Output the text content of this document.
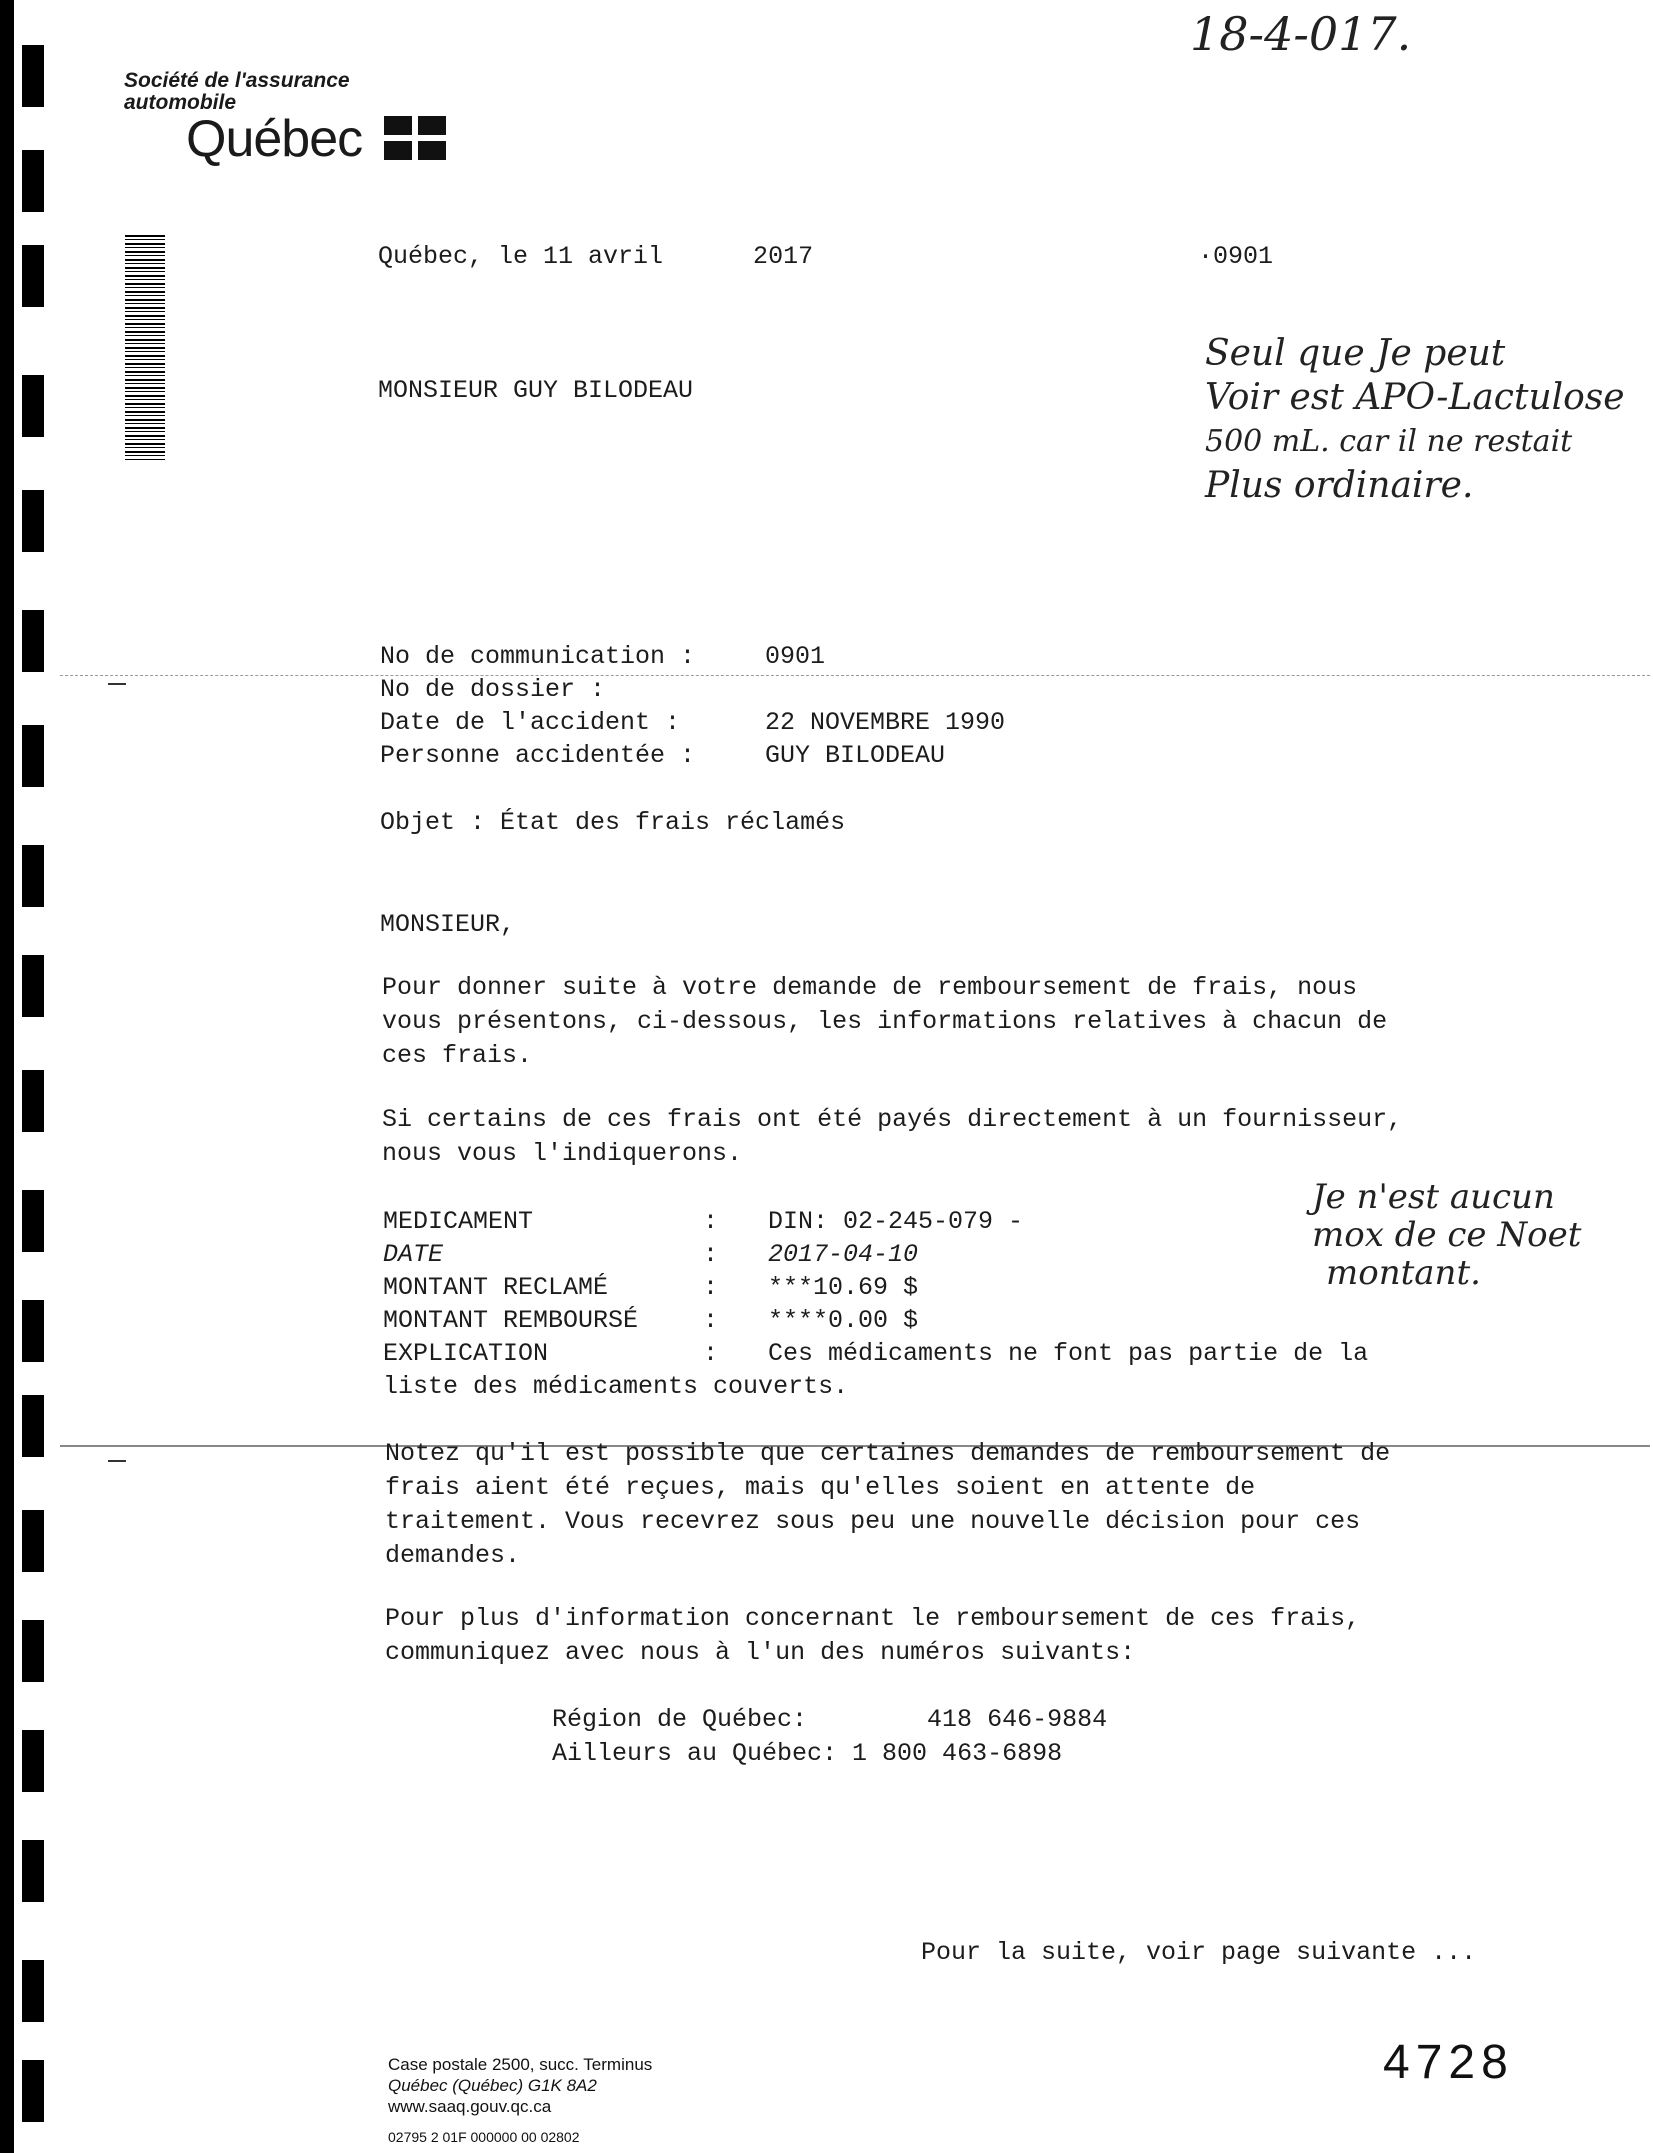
18-4-017.
Société de l'assurance
automobile
Québec
Québec, le 11 avril      2017	·0901
MONSIEUR GUY BILODEAU
Seul que Je peut
Voir est APO-Lactulose
500 mL. car il ne restait
Plus ordinaire.
No de communication :	0901
No de dossier :
Date de l'accident :	22 NOVEMBRE 1990
Personne accidentée :	GUY BILODEAU
Objet : État des frais réclamés
MONSIEUR,
Pour donner suite à votre demande de remboursement de frais, nous
vous présentons, ci-dessous, les informations relatives à chacun de
ces frais.
Si certains de ces frais ont été payés directement à un fournisseur,
nous vous l'indiquerons.
MEDICAMENT	: DIN: 02-245-079 -
DATE	: 2017-04-10
MONTANT RECLAMÉ	: ***10.69 $
MONTANT REMBOURSÉ	: ****0.00 $
EXPLICATION	: Ces médicaments ne font pas partie de la
liste des médicaments couverts.
Je n'est aucun
mox de ce Noet
montant.
Notez qu'il est possible que certaines demandes de remboursement de
frais aient été reçues, mais qu'elles soient en attente de
traitement. Vous recevrez sous peu une nouvelle décision pour ces
demandes.
Pour plus d'information concernant le remboursement de ces frais,
communiquez avec nous à l'un des numéros suivants:
Région de Québec:    418 646-9884
Ailleurs au Québec: 1 800 463-6898
Pour la suite, voir page suivante ...
Case postale 2500, succ. Terminus
Québec (Québec) G1K 8A2
www.saaq.gouv.qc.ca
02795 2 01F 000000 00 02802
4728
